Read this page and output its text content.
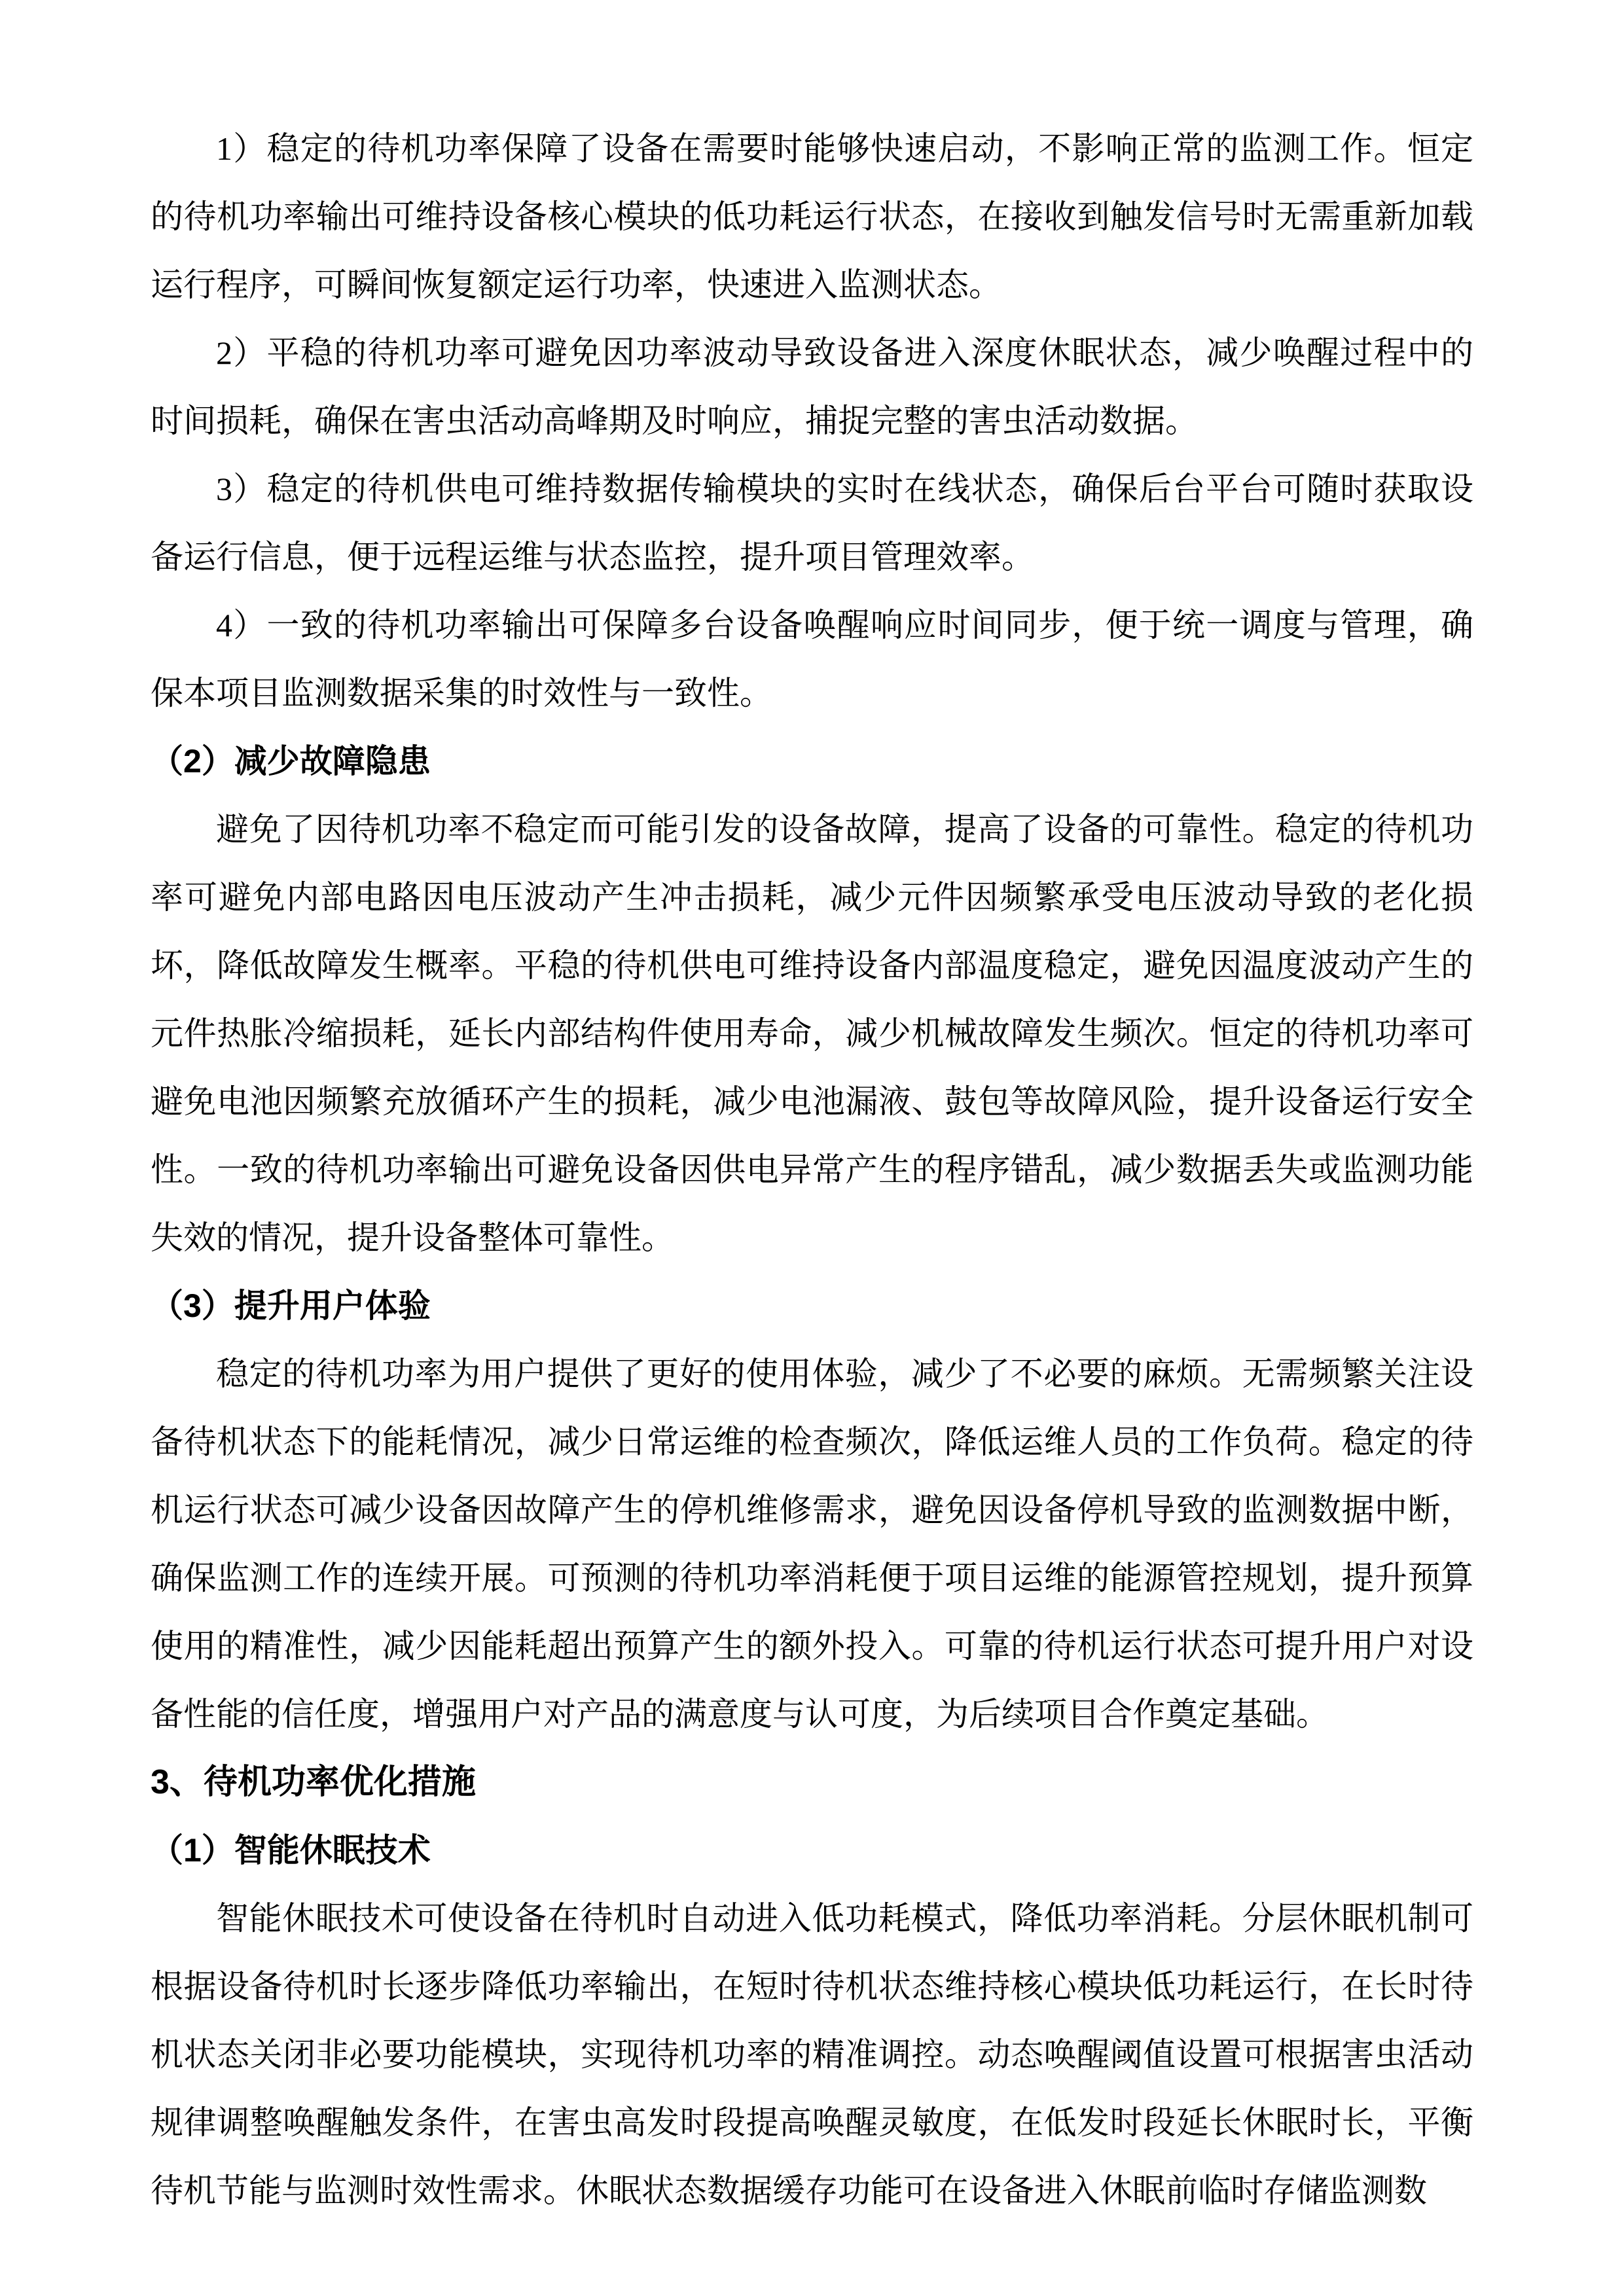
1）稳定的待机功率保障了设备在需要时能够快速启动，不影响正常的监测工作。恒定的待机功率输出可维持设备核心模块的低功耗运行状态，在接收到触发信号时无需重新加载运行程序，可瞬间恢复额定运行功率，快速进入监测状态。

2）平稳的待机功率可避免因功率波动导致设备进入深度休眠状态，减少唤醒过程中的时间损耗，确保在害虫活动高峰期及时响应，捕捉完整的害虫活动数据。

3）稳定的待机供电可维持数据传输模块的实时在线状态，确保后台平台可随时获取设备运行信息，便于远程运维与状态监控，提升项目管理效率。

4）一致的待机功率输出可保障多台设备唤醒响应时间同步，便于统一调度与管理，确保本项目监测数据采集的时效性与一致性。

（2）减少故障隐患

避免了因待机功率不稳定而可能引发的设备故障，提高了设备的可靠性。稳定的待机功率可避免内部电路因电压波动产生冲击损耗，减少元件因频繁承受电压波动导致的老化损坏，降低故障发生概率。平稳的待机供电可维持设备内部温度稳定，避免因温度波动产生的元件热胀冷缩损耗，延长内部结构件使用寿命，减少机械故障发生频次。恒定的待机功率可避免电池因频繁充放循环产生的损耗，减少电池漏液、鼓包等故障风险，提升设备运行安全性。一致的待机功率输出可避免设备因供电异常产生的程序错乱，减少数据丢失或监测功能失效的情况，提升设备整体可靠性。

（3）提升用户体验

稳定的待机功率为用户提供了更好的使用体验，减少了不必要的麻烦。无需频繁关注设备待机状态下的能耗情况，减少日常运维的检查频次，降低运维人员的工作负荷。稳定的待机运行状态可减少设备因故障产生的停机维修需求，避免因设备停机导致的监测数据中断，确保监测工作的连续开展。可预测的待机功率消耗便于项目运维的能源管控规划，提升预算使用的精准性，减少因能耗超出预算产生的额外投入。可靠的待机运行状态可提升用户对设备性能的信任度，增强用户对产品的满意度与认可度，为后续项目合作奠定基础。

3、待机功率优化措施

（1）智能休眠技术

智能休眠技术可使设备在待机时自动进入低功耗模式，降低功率消耗。分层休眠机制可根据设备待机时长逐步降低功率输出，在短时待机状态维持核心模块低功耗运行，在长时待机状态关闭非必要功能模块，实现待机功率的精准调控。动态唤醒阈值设置可根据害虫活动规律调整唤醒触发条件，在害虫高发时段提高唤醒灵敏度，在低发时段延长休眠时长，平衡待机节能与监测时效性需求。休眠状态数据缓存功能可在设备进入休眠前临时存储监测数
